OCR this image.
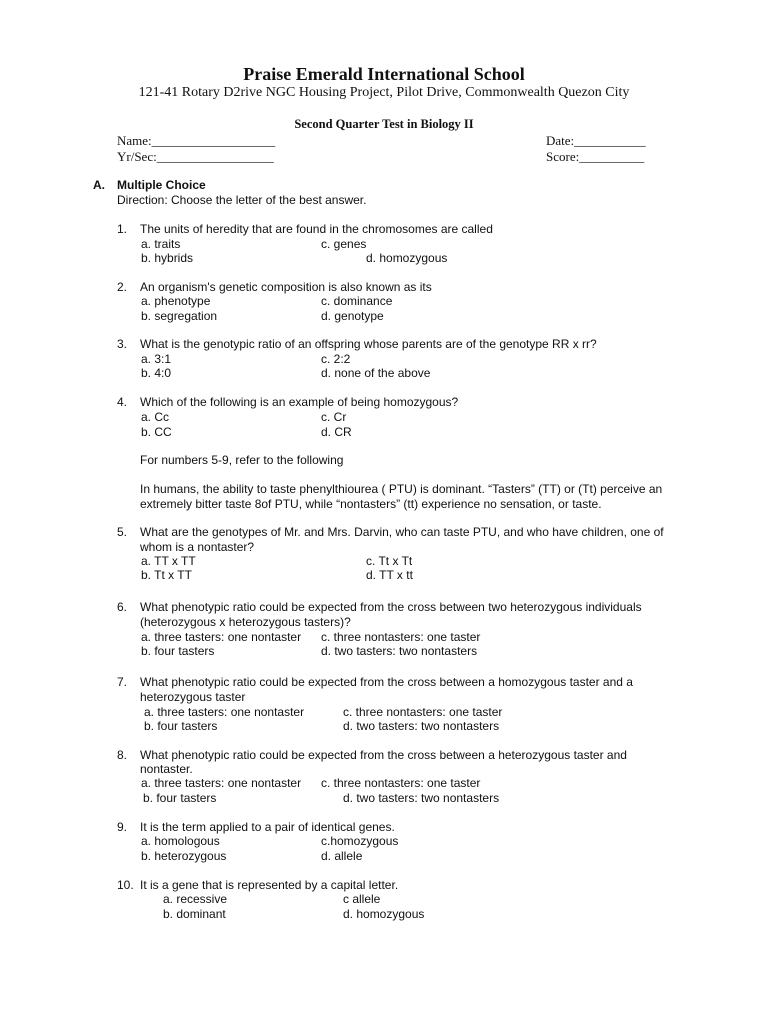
Praise Emerald International School
121-41 Rotary D2rive NGC Housing Project, Pilot Drive, Commonwealth Quezon City
Second Quarter Test in Biology II
Name:___________________
Yr/Sec:__________________
Date:___________
Score:__________
A. Multiple Choice
Direction: Choose the letter of the best answer.
1. The units of heredity that are found in the chromosomes are called
a. traits	c. genes
b. hybrids	d. homozygous
2. An organism's genetic composition is also known as its
a. phenotype	c. dominance
b. segregation	d. genotype
3. What is the genotypic ratio of an offspring whose parents are of the genotype RR x rr?
a. 3:1	c. 2:2
b. 4:0	d. none of the above
4. Which of the following is an example of being homozygous?
a. Cc	c. Cr
b. CC	d. CR
For numbers 5-9, refer to the following
In humans, the ability to taste phenylthiourea ( PTU) is dominant. “Tasters” (TT) or (Tt) perceive an
extremely bitter taste 8of PTU, while “nontasters” (tt) experience no sensation, or taste.
5. What are the genotypes of Mr. and Mrs. Darvin, who can taste PTU, and who have children, one of
whom is a nontaster?
a. TT x TT	c. Tt x Tt
b. Tt x TT	d. TT x tt
6. What phenotypic ratio could be expected from the cross between two heterozygous individuals
(heterozygous x heterozygous tasters)?
a. three tasters: one nontaster c. three nontasters: one taster
b. four tasters	d. two tasters: two nontasters
7. What phenotypic ratio could be expected from the cross between a homozygous taster and a
heterozygous taster
a. three tasters: one nontaster	c. three nontasters: one taster
b. four tasters	d. two tasters: two nontasters
8. What phenotypic ratio could be expected from the cross between a heterozygous taster and
nontaster.
a. three tasters: one nontaster c. three nontasters: one taster
b. four tasters	d. two tasters: two nontasters
9. It is the term applied to a pair of identical genes.
a. homologous	c.homozygous
b. heterozygous	d. allele
10. It is a gene that is represented by a capital letter.
a. recessive	c allele
b. dominant	d. homozygous
